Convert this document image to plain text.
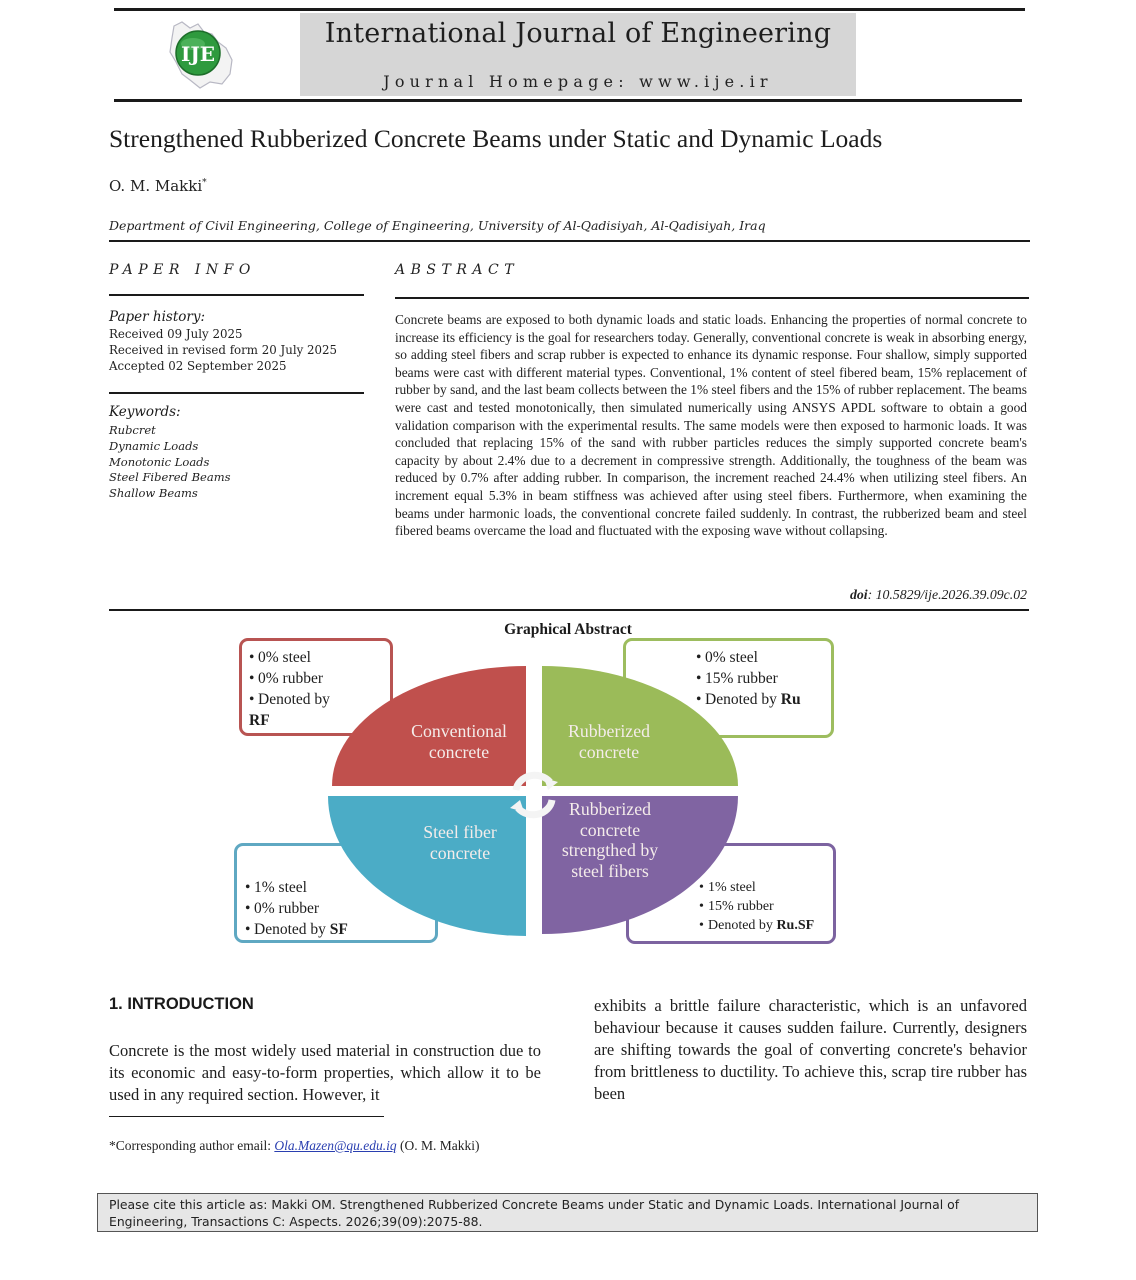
IJE
International Journal of Engineering
Journal Homepage: www.ije.ir
Strengthened Rubberized Concrete Beams under Static and Dynamic Loads
O. M. Makki*
Department of Civil Engineering, College of Engineering, University of Al-Qadisiyah, Al-Qadisiyah, Iraq
PAPER INFO
Paper history:
Received 09 July 2025
Received in revised form 20 July 2025
Accepted 02 September 2025
Keywords:
Rubcret
Dynamic Loads
Monotonic Loads
Steel Fibered Beams
Shallow Beams
ABSTRACT
Concrete beams are exposed to both dynamic loads and static loads. Enhancing the properties of normal concrete to increase its efficiency is the goal for researchers today. Generally, conventional concrete is weak in absorbing energy, so adding steel fibers and scrap rubber is expected to enhance its dynamic response. Four shallow, simply supported beams were cast with different material types. Conventional, 1% content of steel fibered beam, 15% replacement of rubber by sand, and the last beam collects between the 1% steel fibers and the 15% of rubber replacement. The beams were cast and tested monotonically, then simulated numerically using ANSYS APDL software to obtain a good validation comparison with the experimental results. The same models were then exposed to harmonic loads. It was concluded that replacing 15% of the sand with rubber particles reduces the simply supported concrete beam's capacity by about 2.4% due to a decrement in compressive strength. Additionally, the toughness of the beam was reduced by 0.7% after adding rubber. In comparison, the increment reached 24.4% when utilizing steel fibers. An increment equal 5.3% in beam stiffness was achieved after using steel fibers. Furthermore, when examining the beams under harmonic loads, the conventional concrete failed suddenly. In contrast, the rubberized beam and steel fibered beams overcame the load and fluctuated with the exposing wave without collapsing.
doi: 10.5829/ije.2026.39.09c.02
Graphical Abstract
• 0% steel
• 0% rubber
• Denoted by
RF
• 0% steel
• 15% rubber
• Denoted by Ru
• 1% steel
• 0% rubber
• Denoted by SF
• 1% steel
• 15% rubber
• Denoted by Ru.SF
Conventional
concrete
Rubberized
concrete
Steel fiber
concrete
Rubberized
concrete
strengthed by
steel fibers
1. INTRODUCTION
Concrete is the most widely used material in construction due to its economic and easy-to-form properties, which allow it to be used in any required section. However, it
exhibits a brittle failure characteristic, which is an unfavored behaviour because it causes sudden failure. Currently, designers are shifting towards the goal of converting concrete's behavior from brittleness to ductility. To achieve this, scrap tire rubber has been
*Corresponding author email: Ola.Mazen@qu.edu.iq (O. M. Makki)
Please cite this article as: Makki OM. Strengthened Rubberized Concrete Beams under Static and Dynamic Loads. International Journal of Engineering, Transactions C: Aspects. 2026;39(09):2075-88.
